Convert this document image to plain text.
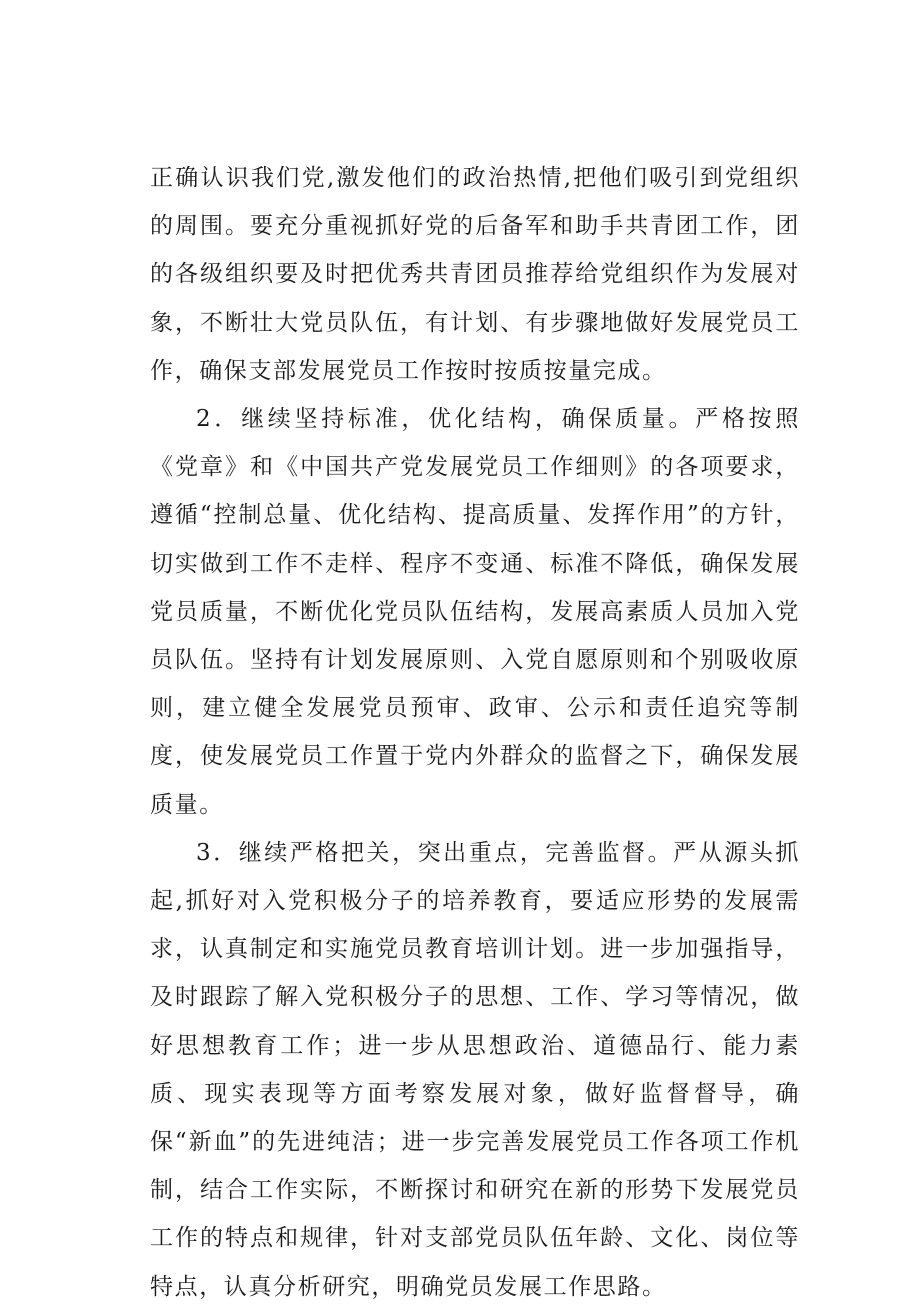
正确认识我们党,激发他们的政治热情,把他们吸引到党组织的周围。要充分重视抓好党的后备军和助手共青团工作，团的各级组织要及时把优秀共青团员推荐给党组织作为发展对象，不断壮大党员队伍，有计划、有步骤地做好发展党员工作，确保支部发展党员工作按时按质按量完成。

2．继续坚持标准，优化结构，确保质量。严格按照《党章》和《中国共产党发展党员工作细则》的各项要求，遵循“控制总量、优化结构、提高质量、发挥作用”的方针，切实做到工作不走样、程序不变通、标准不降低，确保发展党员质量，不断优化党员队伍结构，发展高素质人员加入党员队伍。坚持有计划发展原则、入党自愿原则和个别吸收原则，建立健全发展党员预审、政审、公示和责任追究等制度，使发展党员工作置于党内外群众的监督之下，确保发展质量。

3．继续严格把关，突出重点，完善监督。严从源头抓起,抓好对入党积极分子的培养教育，要适应形势的发展需求，认真制定和实施党员教育培训计划。进一步加强指导，及时跟踪了解入党积极分子的思想、工作、学习等情况，做好思想教育工作；进一步从思想政治、道德品行、能力素质、现实表现等方面考察发展对象，做好监督督导，确保“新血”的先进纯洁；进一步完善发展党员工作各项工作机制，结合工作实际，不断探讨和研究在新的形势下发展党员工作的特点和规律，针对支部党员队伍年龄、文化、岗位等特点，认真分析研究，明确党员发展工作思路。
